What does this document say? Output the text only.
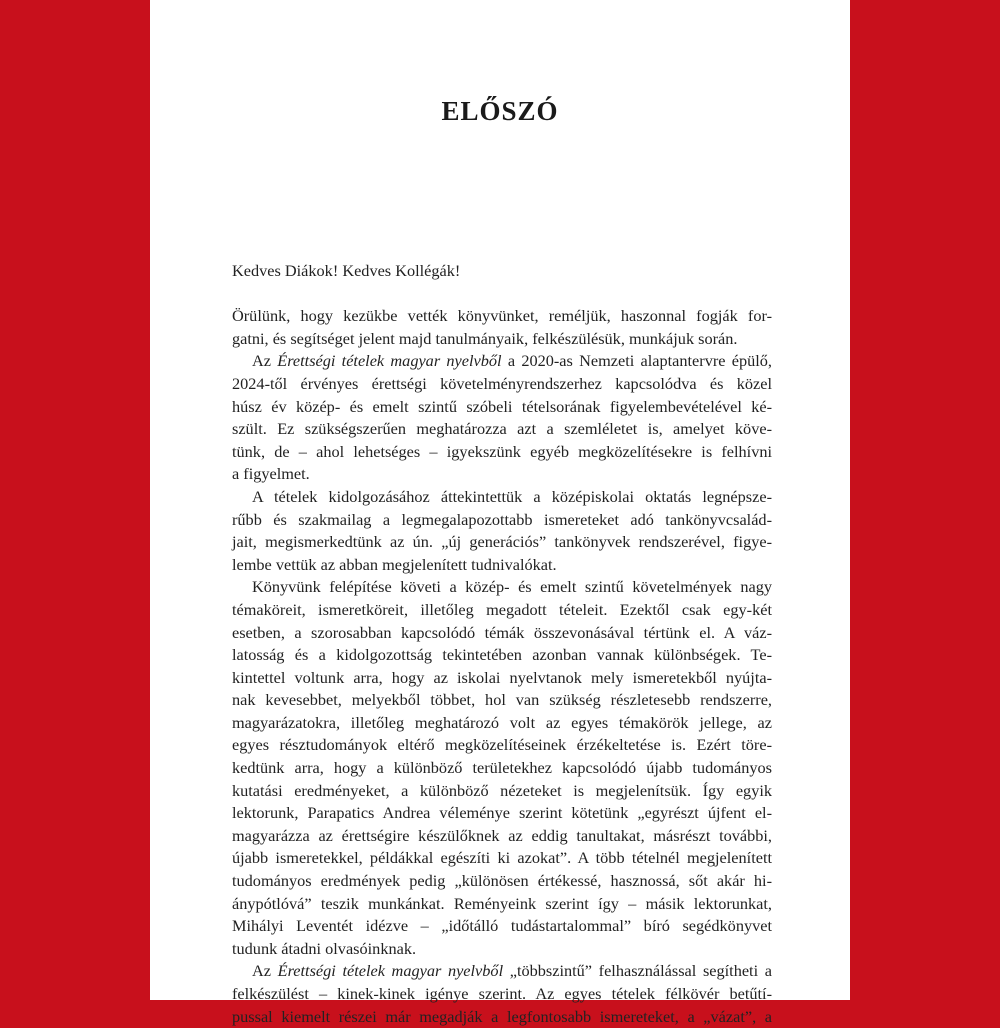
ELŐSZÓ
Kedves Diákok! Kedves Kollégák!
Örülünk, hogy kezükbe vették könyvünket, reméljük, haszonnal fogják for-
gatni, és segítséget jelent majd tanulmányaik, felkészülésük, munkájuk során.
Az Érettségi tételek magyar nyelvből a 2020-as Nemzeti alaptantervre épülő,
2024-től érvényes érettségi követelményrendszerhez kapcsolódva és közel
húsz év közép- és emelt szintű szóbeli tételsorának figyelembevételével ké-
szült. Ez szükségszerűen meghatározza azt a szemléletet is, amelyet köve-
tünk, de – ahol lehetséges – igyekszünk egyéb megközelítésekre is felhívni
a figyelmet.
A tételek kidolgozásához áttekintettük a középiskolai oktatás legnépsze-
rűbb és szakmailag a legmegalapozottabb ismereteket adó tankönyvcsalád-
jait, megismerkedtünk az ún. „új generációs” tankönyvek rendszerével, figye-
lembe vettük az abban megjelenített tudnivalókat.
Könyvünk felépítése követi a közép- és emelt szintű követelmények nagy
témaköreit, ismeretköreit, illetőleg megadott tételeit. Ezektől csak egy-két
esetben, a szorosabban kapcsolódó témák összevonásával tértünk el. A váz-
latosság és a kidolgozottság tekintetében azonban vannak különbségek. Te-
kintettel voltunk arra, hogy az iskolai nyelvtanok mely ismeretekből nyújta-
nak kevesebbet, melyekből többet, hol van szükség részletesebb rendszerre,
magyarázatokra, illetőleg meghatározó volt az egyes témakörök jellege, az
egyes résztudományok eltérő megközelítéseinek érzékeltetése is. Ezért törе-
kedtünk arra, hogy a különböző területekhez kapcsolódó újabb tudományos
kutatási eredményeket, a különböző nézeteket is megjelenítsük. Így egyik
lektorunk, Parapatics Andrea véleménye szerint kötetünk „egyrészt újfent el-
magyarázza az érettségire készülőknek az eddig tanultakat, másrészt további,
újabb ismeretekkel, példákkal egészíti ki azokat”. A több tételnél megjelenített
tudományos eredmények pedig „különösen értékessé, hasznossá, sőt akár hi-
ánypótlóvá” teszik munkánkat. Reményeink szerint így – másik lektorunkat,
Mihályi Leventét idézve – „időtálló tudástartalommal” bíró segédkönyvet
tudunk átadni olvasóinknak.
Az Érettségi tételek magyar nyelvből „többszintű” felhasználással segítheti a
felkészülést – kinek-kinek igénye szerint. Az egyes tételek félkövér betűtí-
pussal kiemelt részei már megadják a legfontosabb ismereteket, a „vázat”, a
